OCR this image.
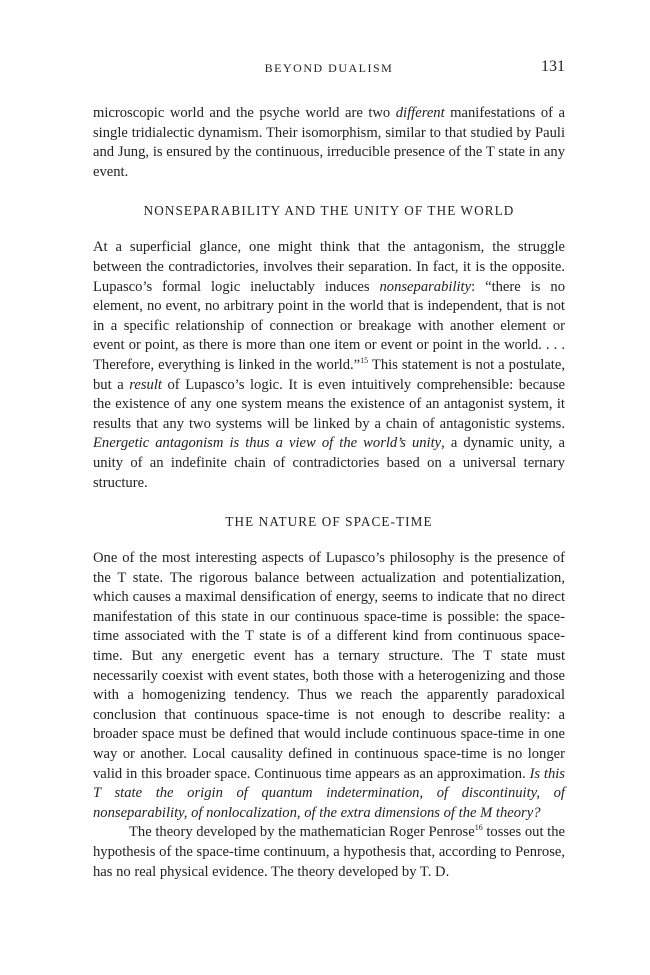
BEYOND DUALISM	131

microscopic world and the psyche world are two different manifestations of a single tridialectic dynamism. Their isomorphism, similar to that studied by Pauli and Jung, is ensured by the continuous, irreducible presence of the T state in any event.

NONSEPARABILITY AND THE UNITY OF THE WORLD

At a superficial glance, one might think that the antagonism, the struggle between the contradictories, involves their separation. In fact, it is the opposite. Lupasco’s formal logic ineluctably induces nonseparability: “there is no element, no event, no arbitrary point in the world that is independent, that is not in a specific relationship of connection or breakage with another element or event or point, as there is more than one item or event or point in the world. . . . Therefore, everything is linked in the world.”$^{15}$ This statement is not a postulate, but a result of Lupasco’s logic. It is even intuitively comprehensible: because the existence of any one system means the existence of an antagonist system, it results that any two systems will be linked by a chain of antagonistic systems. Energetic antagonism is thus a view of the world’s unity, a dynamic unity, a unity of an indefinite chain of contradictories based on a universal ternary structure.

THE NATURE OF SPACE-TIME

One of the most interesting aspects of Lupasco’s philosophy is the presence of the T state. The rigorous balance between actualization and potentialization, which causes a maximal densification of energy, seems to indicate that no direct manifestation of this state in our continuous space-time is possible: the space-time associated with the T state is of a different kind from continuous space-time. But any energetic event has a ternary structure. The T state must necessarily coexist with event states, both those with a heterogenizing and those with a homogenizing tendency. Thus we reach the apparently paradoxical conclusion that continuous space-time is not enough to describe reality: a broader space must be defined that would include continuous space-time in one way or another. Local causality defined in continuous space-time is no longer valid in this broader space. Continuous time appears as an approximation. Is this T state the origin of quantum indetermination, of discontinuity, of nonseparability, of nonlocalization, of the extra dimensions of the M theory?

The theory developed by the mathematician Roger Penrose$^{16}$ tosses out the hypothesis of the space-time continuum, a hypothesis that, according to Penrose, has no real physical evidence. The theory developed by T. D.
